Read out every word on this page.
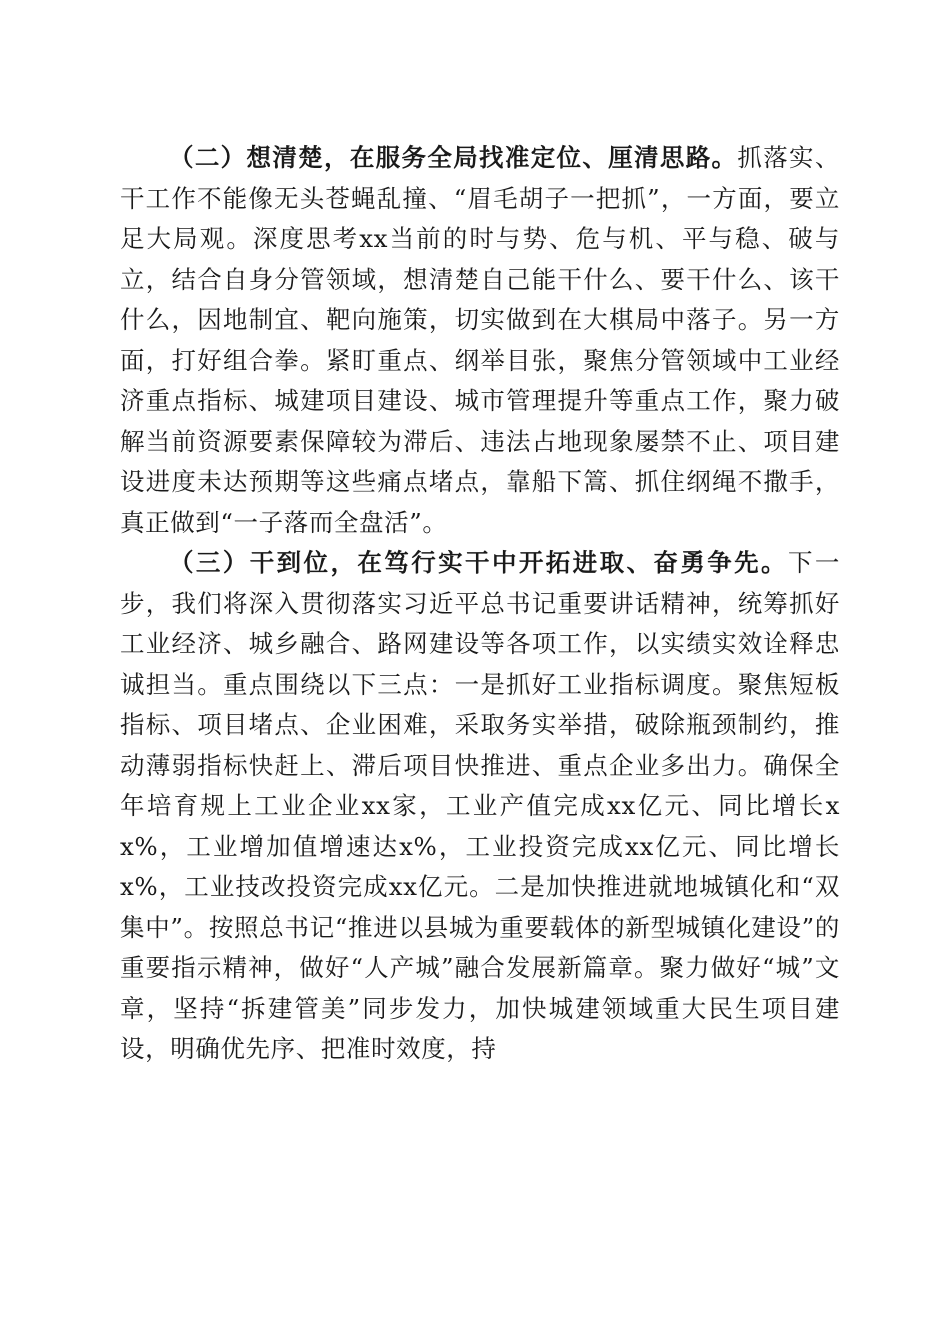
（二）想清楚，在服务全局找准定位、厘清思路。抓落实、干工作不能像无头苍蝇乱撞、“眉毛胡子一把抓”，一方面，要立足大局观。深度思考xx当前的时与势、危与机、平与稳、破与立，结合自身分管领域，想清楚自己能干什么、要干什么、该干什么，因地制宜、靶向施策，切实做到在大棋局中落子。另一方面，打好组合拳。紧盯重点、纲举目张，聚焦分管领域中工业经济重点指标、城建项目建设、城市管理提升等重点工作，聚力破解当前资源要素保障较为滞后、违法占地现象屡禁不止、项目建设进度未达预期等这些痛点堵点，靠船下篙、抓住纲绳不撒手，真正做到“一子落而全盘活”。

（三）干到位，在笃行实干中开拓进取、奋勇争先。下一步，我们将深入贯彻落实习近平总书记重要讲话精神，统筹抓好工业经济、城乡融合、路网建设等各项工作，以实绩实效诠释忠诚担当。重点围绕以下三点：一是抓好工业指标调度。聚焦短板指标、项目堵点、企业困难，采取务实举措，破除瓶颈制约，推动薄弱指标快赶上、滞后项目快推进、重点企业多出力。确保全年培育规上工业企业xx家，工业产值完成xx亿元、同比增长xx%，工业增加值增速达x%，工业投资完成xx亿元、同比增长x%，工业技改投资完成xx亿元。二是加快推进就地城镇化和“双集中”。按照总书记“推进以县城为重要载体的新型城镇化建设”的重要指示精神，做好“人产城”融合发展新篇章。聚力做好“城”文章，坚持“拆建管美”同步发力，加快城建领域重大民生项目建设，明确优先序、把准时效度，持
